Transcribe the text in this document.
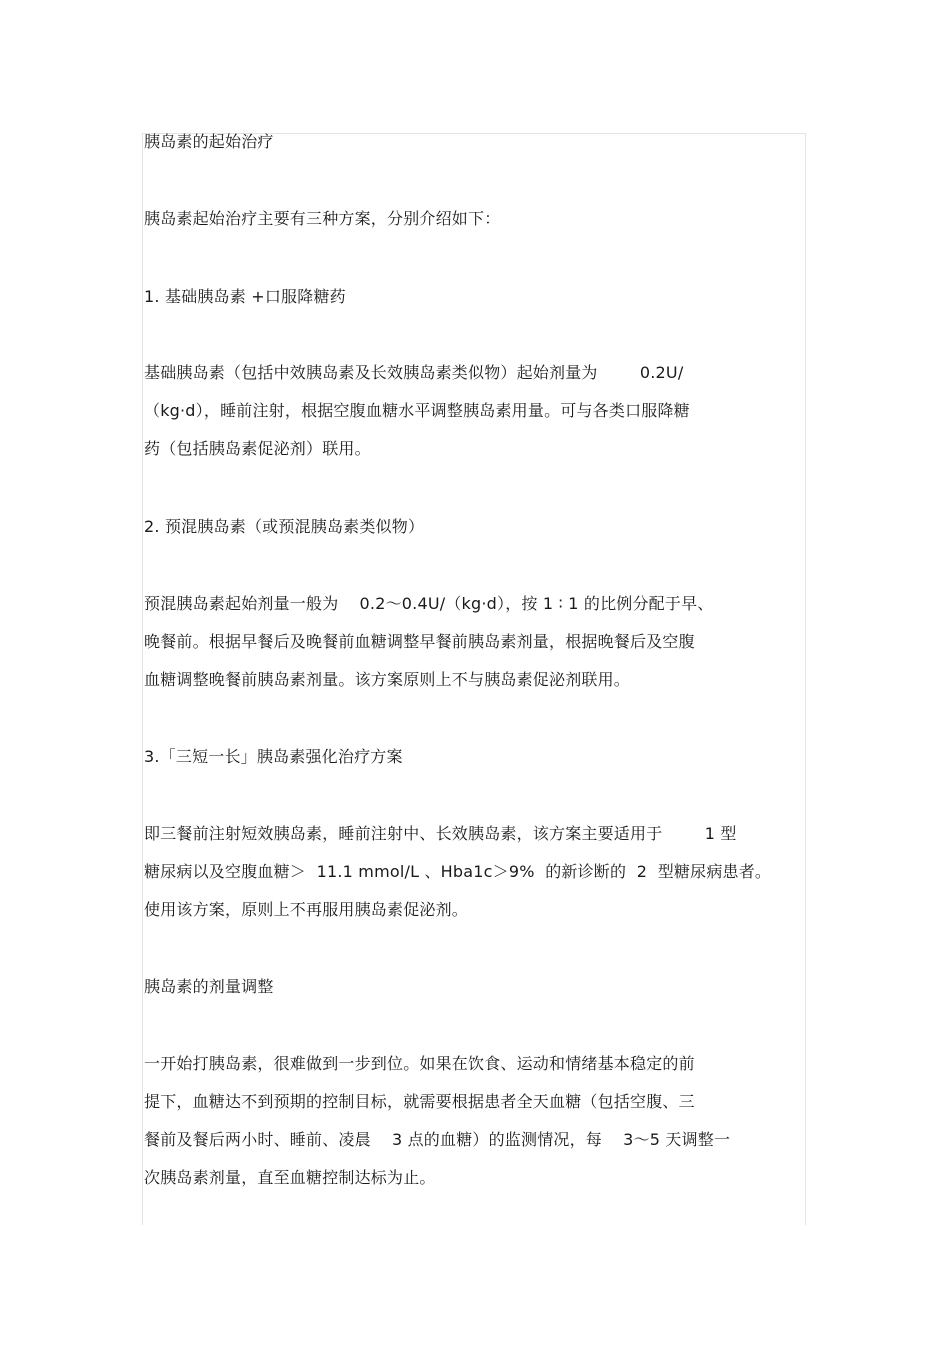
胰岛素的起始治疗
胰岛素起始治疗主要有三种方案，分别介绍如下：
1. 基础胰岛素 +口服降糖药
基础胰岛素（包括中效胰岛素及长效胰岛素类似物）起始剂量为        0.2U/
（kg·d），睡前注射，根据空腹血糖水平调整胰岛素用量。可与各类口服降糖
药（包括胰岛素促泌剂）联用。
2. 预混胰岛素（或预混胰岛素类似物）
预混胰岛素起始剂量一般为    0.2～0.4U/（kg·d），按 1 ∶ 1 的比例分配于早、
晚餐前。根据早餐后及晚餐前血糖调整早餐前胰岛素剂量，根据晚餐后及空腹
血糖调整晚餐前胰岛素剂量。该方案原则上不与胰岛素促泌剂联用。
3.「三短一长」胰岛素强化治疗方案
即三餐前注射短效胰岛素，睡前注射中、长效胰岛素，该方案主要适用于        1 型
糖尿病以及空腹血糖＞  11.1 mmol/L 、Hba1c＞9%  的新诊断的  2  型糖尿病患者。
使用该方案，原则上不再服用胰岛素促泌剂。
胰岛素的剂量调整
一开始打胰岛素，很难做到一步到位。如果在饮食、运动和情绪基本稳定的前
提下，血糖达不到预期的控制目标，就需要根据患者全天血糖（包括空腹、三
餐前及餐后两小时、睡前、凌晨    3 点的血糖）的监测情况，每    3～5 天调整一
次胰岛素剂量，直至血糖控制达标为止。
